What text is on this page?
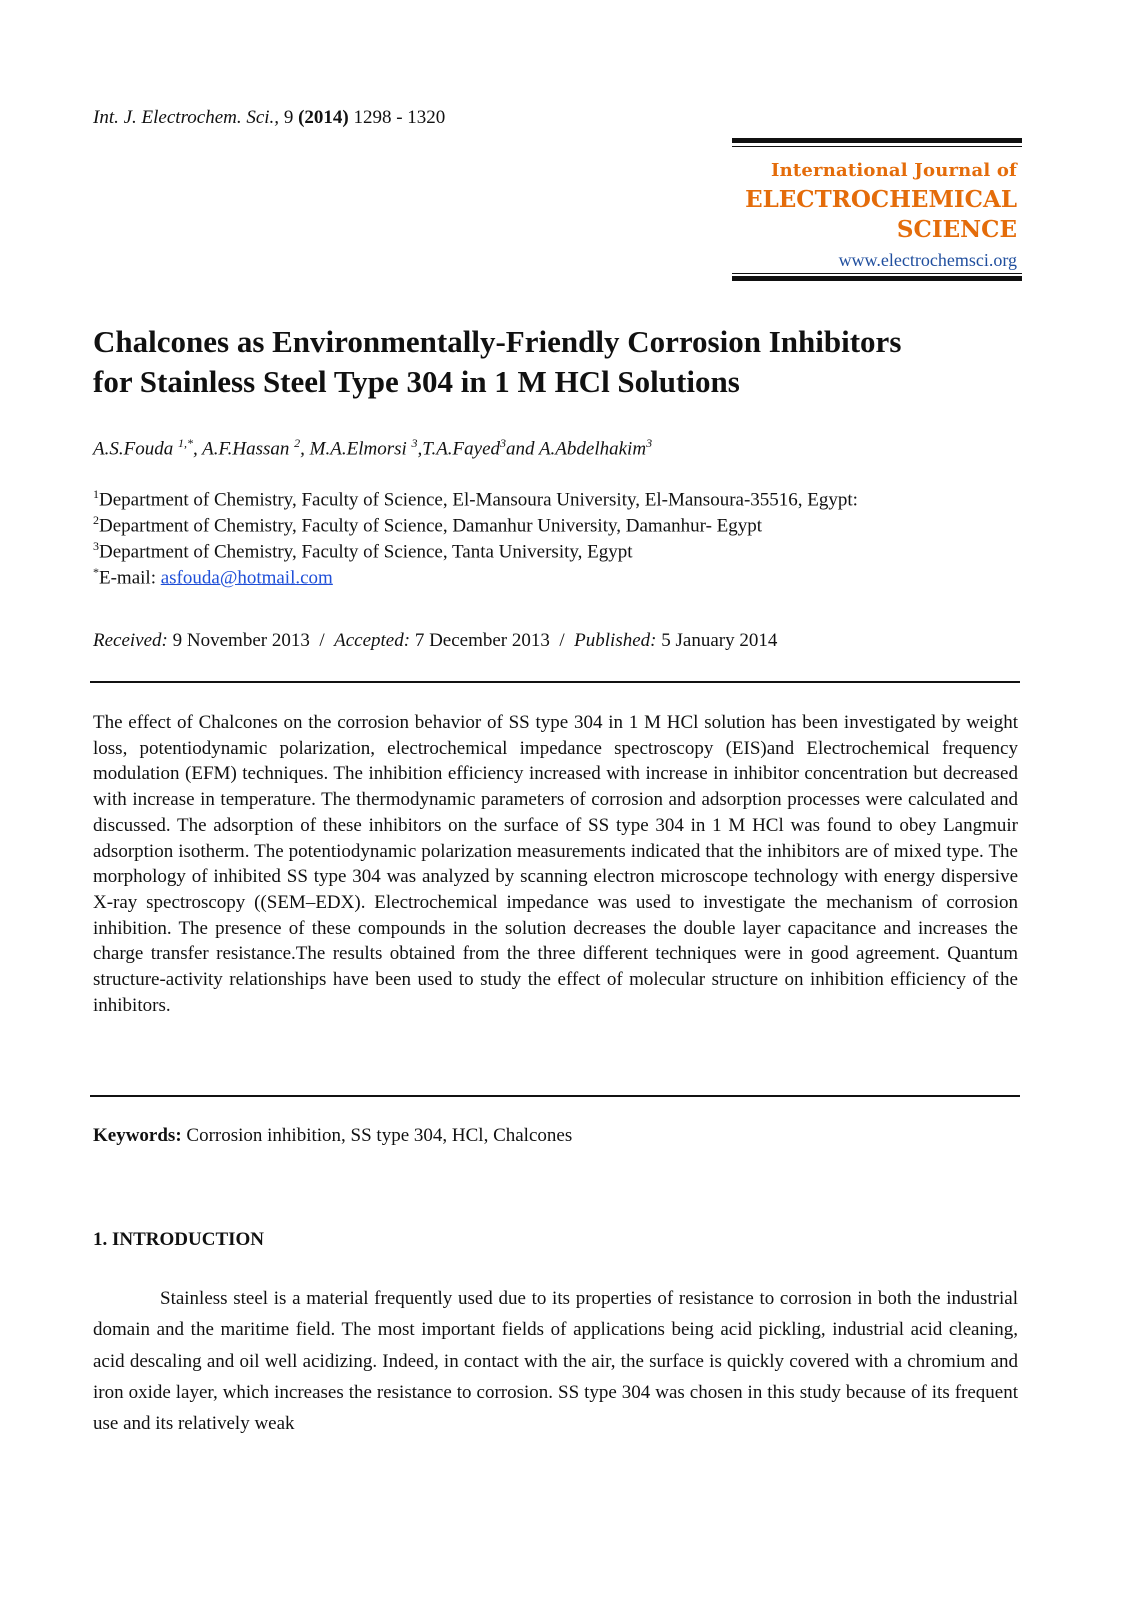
Int. J. Electrochem. Sci., 9 (2014) 1298 - 1320
International Journal of
ELECTROCHEMICAL
SCIENCE
www.electrochemsci.org
Chalcones as Environmentally-Friendly Corrosion Inhibitors
for Stainless Steel Type 304 in 1 M HCl Solutions
A.S.Fouda $^{1,*}$, A.F.Hassan $^2$, M.A.Elmorsi $^3$,T.A.Fayed$^3$and A.Abdelhakim$^3$
$^1$Department of Chemistry, Faculty of Science, El-Mansoura University, El-Mansoura-35516, Egypt:
$^2$Department of Chemistry, Faculty of Science, Damanhur University, Damanhur- Egypt
$^3$Department of Chemistry, Faculty of Science, Tanta University, Egypt
*E-mail: asfouda@hotmail.com
Received: 9 November 2013  /  Accepted: 7 December 2013  /  Published: 5 January 2014
The effect of Chalcones on the corrosion behavior of SS type 304 in 1 M HCl solution has been investigated by weight loss, potentiodynamic polarization, electrochemical impedance spectroscopy (EIS)and Electrochemical frequency modulation (EFM) techniques. The inhibition efficiency increased with increase in inhibitor concentration but decreased with increase in temperature. The thermodynamic parameters of corrosion and adsorption processes were calculated and discussed. The adsorption of these inhibitors on the surface of SS type 304 in 1 M HCl was found to obey Langmuir adsorption isotherm. The potentiodynamic polarization measurements indicated that the inhibitors are of mixed type. The morphology of inhibited SS type 304 was analyzed by scanning electron microscope technology with energy dispersive X-ray spectroscopy ((SEM–EDX). Electrochemical impedance was used to investigate the mechanism of corrosion inhibition. The presence of these compounds in the solution decreases the double layer capacitance and increases the charge transfer resistance.The results obtained from the three different techniques were in good agreement. Quantum structure-activity relationships have been used to study the effect of molecular structure on inhibition efficiency of the inhibitors.
Keywords: Corrosion inhibition, SS type 304, HCl, Chalcones
1. INTRODUCTION
Stainless steel is a material frequently used due to its properties of resistance to corrosion in both the industrial domain and the maritime field. The most important fields of applications being acid pickling, industrial acid cleaning, acid descaling and oil well acidizing. Indeed, in contact with the air, the surface is quickly covered with a chromium and iron oxide layer, which increases the resistance to corrosion. SS type 304 was chosen in this study because of its frequent use and its relatively weak
